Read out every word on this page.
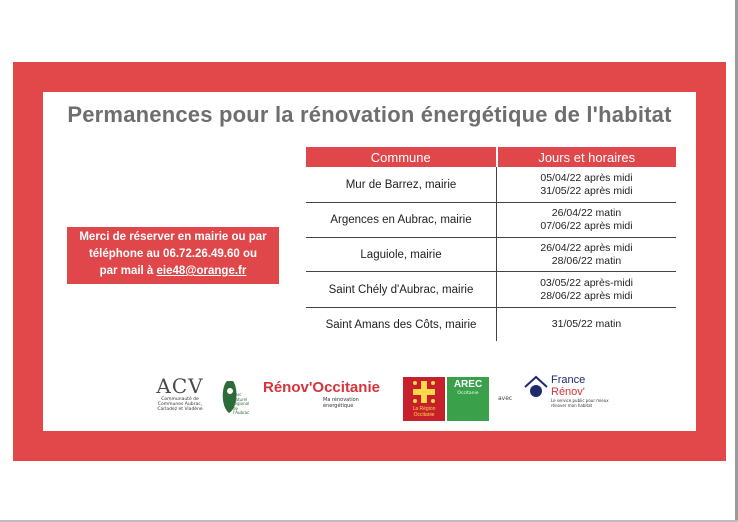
Permanences pour la rénovation énergétique de l'habitat
Commune	Jours et horaires
Mur de Barrez, mairie	05/04/22 après midi
31/05/22 après midi

Argences en Aubrac, mairie	26/04/22 matin
07/06/22 après midi

Laguiole, mairie	26/04/22 après midi
28/06/22 matin

Saint Chély d'Aubrac, mairie	03/05/22 après-midi
28/06/22 après midi

Saint Amans des Côts, mairie	31/05/22 matin
Merci de réserver en mairie ou par
téléphone au 06.72.26.49.60 ou
par mail à eie48@orange.fr
ACV
Communauté de Communes Aubrac, Carladez et Viadène
Parc naturel régional de l'Aubrac
Rénov'Occitanie
Ma rénovation énergétique	La Région Occitanie
AREC
Occitanie
avec
France
Rénov'
Le service public pour mieux rénover mon habitat
